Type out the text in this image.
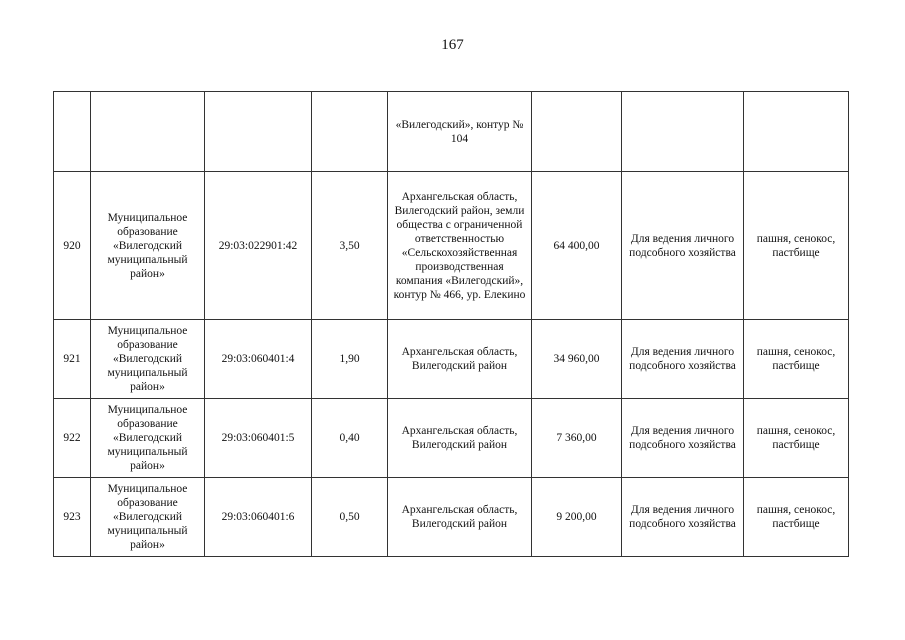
167
				«Вилегодский», контур № 104			
920	Муниципальное образование «Вилегодский муниципальный район»	29:03:022901:42	3,50	Архангельская область, Вилегодский район, земли общества с ограниченной ответственностью «Сельскохозяйственная производственная компания «Вилегодский», контур № 466, ур. Елекино	64 400,00	Для ведения личного подсобного хозяйства	пашня, сенокос, пастбище
921	Муниципальное образование «Вилегодский муниципальный район»	29:03:060401:4	1,90	Архангельская область, Вилегодский район	34 960,00	Для ведения личного подсобного хозяйства	пашня, сенокос, пастбище
922	Муниципальное образование «Вилегодский муниципальный район»	29:03:060401:5	0,40	Архангельская область, Вилегодский район	7 360,00	Для ведения личного подсобного хозяйства	пашня, сенокос, пастбище
923	Муниципальное образование «Вилегодский муниципальный район»	29:03:060401:6	0,50	Архангельская область, Вилегодский район	9 200,00	Для ведения личного подсобного хозяйства	пашня, сенокос, пастбище
